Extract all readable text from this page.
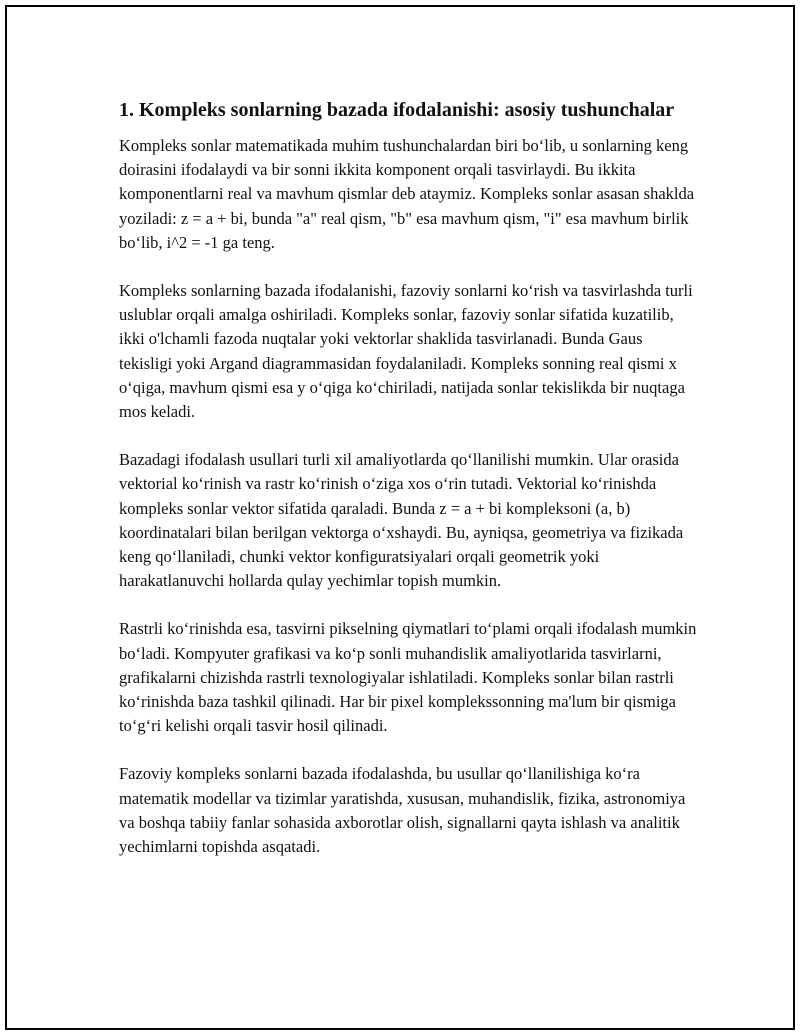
1. Kompleks sonlarning bazada ifodalanishi: asosiy tushunchalar

Kompleks sonlar matematikada muhim tushunchalardan biri bo‘lib, u sonlarning keng doirasini ifodalaydi va bir sonni ikkita komponent orqali tasvirlaydi. Bu ikkita komponentlarni real va mavhum qismlar deb ataymiz. Kompleks sonlar asasan shaklda yoziladi: z = a + bi, bunda "a" real qism, "b" esa mavhum qism, "i" esa mavhum birlik bo‘lib, i^2 = -1 ga teng.

Kompleks sonlarning bazada ifodalanishi, fazoviy sonlarni ko‘rish va tasvirlashda turli uslublar orqali amalga oshiriladi. Kompleks sonlar, fazoviy sonlar sifatida kuzatilib, ikki o'lchamli fazoda nuqtalar yoki vektorlar shaklida tasvirlanadi. Bunda Gaus tekisligi yoki Argand diagrammasidan foydalaniladi. Kompleks sonning real qismi x o‘qiga, mavhum qismi esa y o‘qiga ko‘chiriladi, natijada sonlar tekislikda bir nuqtaga mos keladi.

Bazadagi ifodalash usullari turli xil amaliyotlarda qo‘llanilishi mumkin. Ular orasida vektorial ko‘rinish va rastr ko‘rinish o‘ziga xos o‘rin tutadi. Vektorial ko‘rinishda kompleks sonlar vektor sifatida qaraladi. Bunda z = a + bi kompleksoni (a, b) koordinatalari bilan berilgan vektorga o‘xshaydi. Bu, ayniqsa, geometriya va fizikada keng qo‘llaniladi, chunki vektor konfiguratsiyalari orqali geometrik yoki harakatlanuvchi hollarda qulay yechimlar topish mumkin.

Rastrli ko‘rinishda esa, tasvirni pikselning qiymatlari to‘plami orqali ifodalash mumkin bo‘ladi. Kompyuter grafikasi va ko‘p sonli muhandislik amaliyotlarida tasvirlarni, grafikalarni chizishda rastrli texnologiyalar ishlatiladi. Kompleks sonlar bilan rastrli ko‘rinishda baza tashkil qilinadi. Har bir pixel komplekssonning ma'lum bir qismiga to‘g‘ri kelishi orqali tasvir hosil qilinadi.

Fazoviy kompleks sonlarni bazada ifodalashda, bu usullar qo‘llanilishiga ko‘ra matematik modellar va tizimlar yaratishda, xususan, muhandislik, fizika, astronomiya va boshqa tabiiy fanlar sohasida axborotlar olish, signallarni qayta ishlash va analitik yechimlarni topishda asqatadi.
